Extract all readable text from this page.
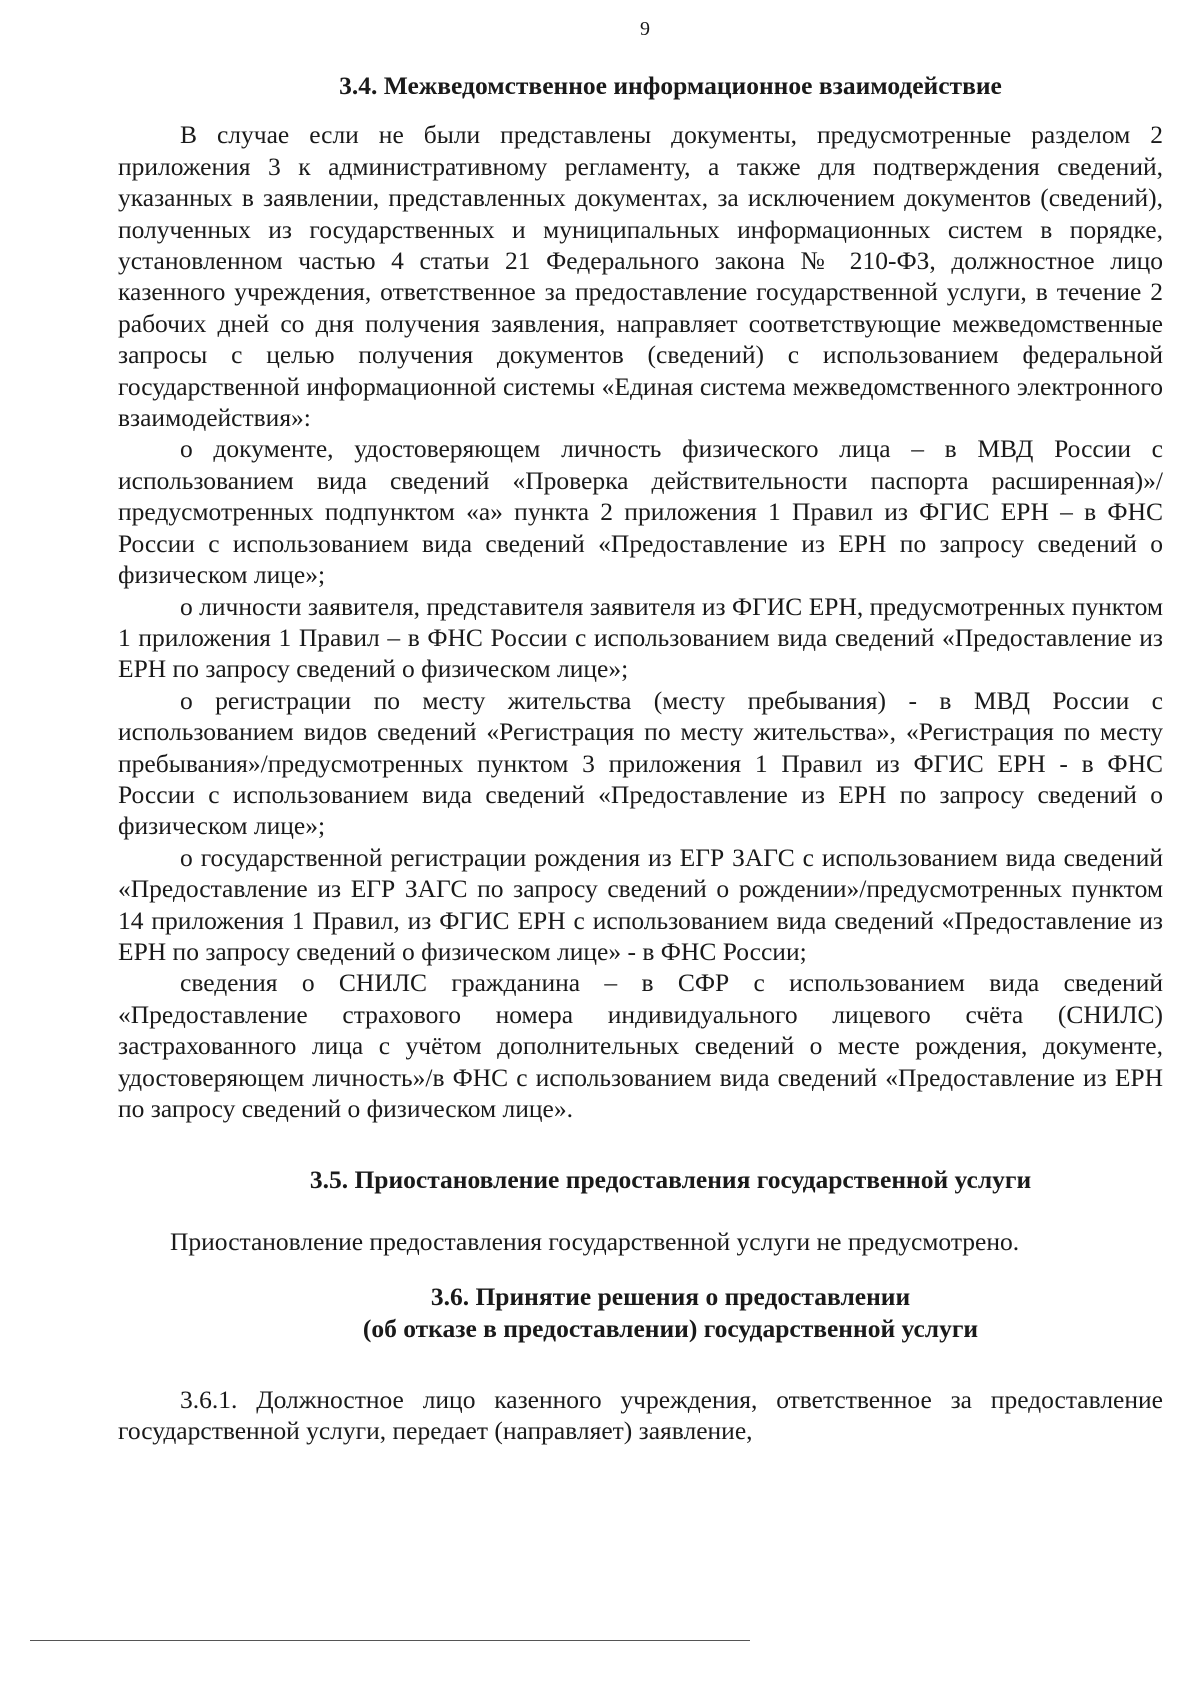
9

3.4. Межведомственное информационное взаимодействие

В случае если не были представлены документы, предусмотренные разделом 2 приложения 3 к административному регламенту, а также для подтверждения сведений, указанных в заявлении, представленных документах, за исключением документов (сведений), полученных из государственных и муниципальных информационных систем в порядке, установленном частью 4 статьи 21 Федерального закона № 210-ФЗ, должностное лицо казенного учреждения, ответственное за предоставление государственной услуги, в течение 2 рабочих дней со дня получения заявления, направляет соответствующие межведомственные запросы с целью получения документов (сведений) с использованием федеральной государственной информационной системы «Единая система межведомственного электронного взаимодействия»:

о документе, удостоверяющем личность физического лица – в МВД России с использованием вида сведений «Проверка действительности паспорта расширенная)»/предусмотренных подпунктом «а» пункта 2 приложения 1 Правил из ФГИС ЕРН – в ФНС России с использованием вида сведений «Предоставление из ЕРН по запросу сведений о физическом лице»;

о личности заявителя, представителя заявителя из ФГИС ЕРН, предусмотренных пунктом 1 приложения 1 Правил – в ФНС России с использованием вида сведений «Предоставление из ЕРН по запросу сведений о физическом лице»;

о регистрации по месту жительства (месту пребывания) - в МВД России с использованием видов сведений «Регистрация по месту жительства», «Регистрация по месту пребывания»/предусмотренных пунктом 3 приложения 1 Правил из ФГИС ЕРН - в ФНС России с использованием вида сведений «Предоставление из ЕРН по запросу сведений о физическом лице»;

о государственной регистрации рождения из ЕГР ЗАГС с использованием вида сведений «Предоставление из ЕГР ЗАГС по запросу сведений о рождении»/предусмотренных пунктом 14 приложения 1 Правил, из ФГИС ЕРН с использованием вида сведений «Предоставление из ЕРН по запросу сведений о физическом лице» - в ФНС России;

сведения о СНИЛС гражданина – в СФР с использованием вида сведений «Предоставление страхового номера индивидуального лицевого счёта (СНИЛС) застрахованного лица с учётом дополнительных сведений о месте рождения, документе, удостоверяющем личность»/в ФНС с использованием вида сведений «Предоставление из ЕРН по запросу сведений о физическом лице».

3.5. Приостановление предоставления государственной услуги

Приостановление предоставления государственной услуги не предусмотрено.

3.6. Принятие решения о предоставлении
(об отказе в предоставлении) государственной услуги

3.6.1. Должностное лицо казенного учреждения, ответственное за предоставление государственной услуги, передает (направляет) заявление,
